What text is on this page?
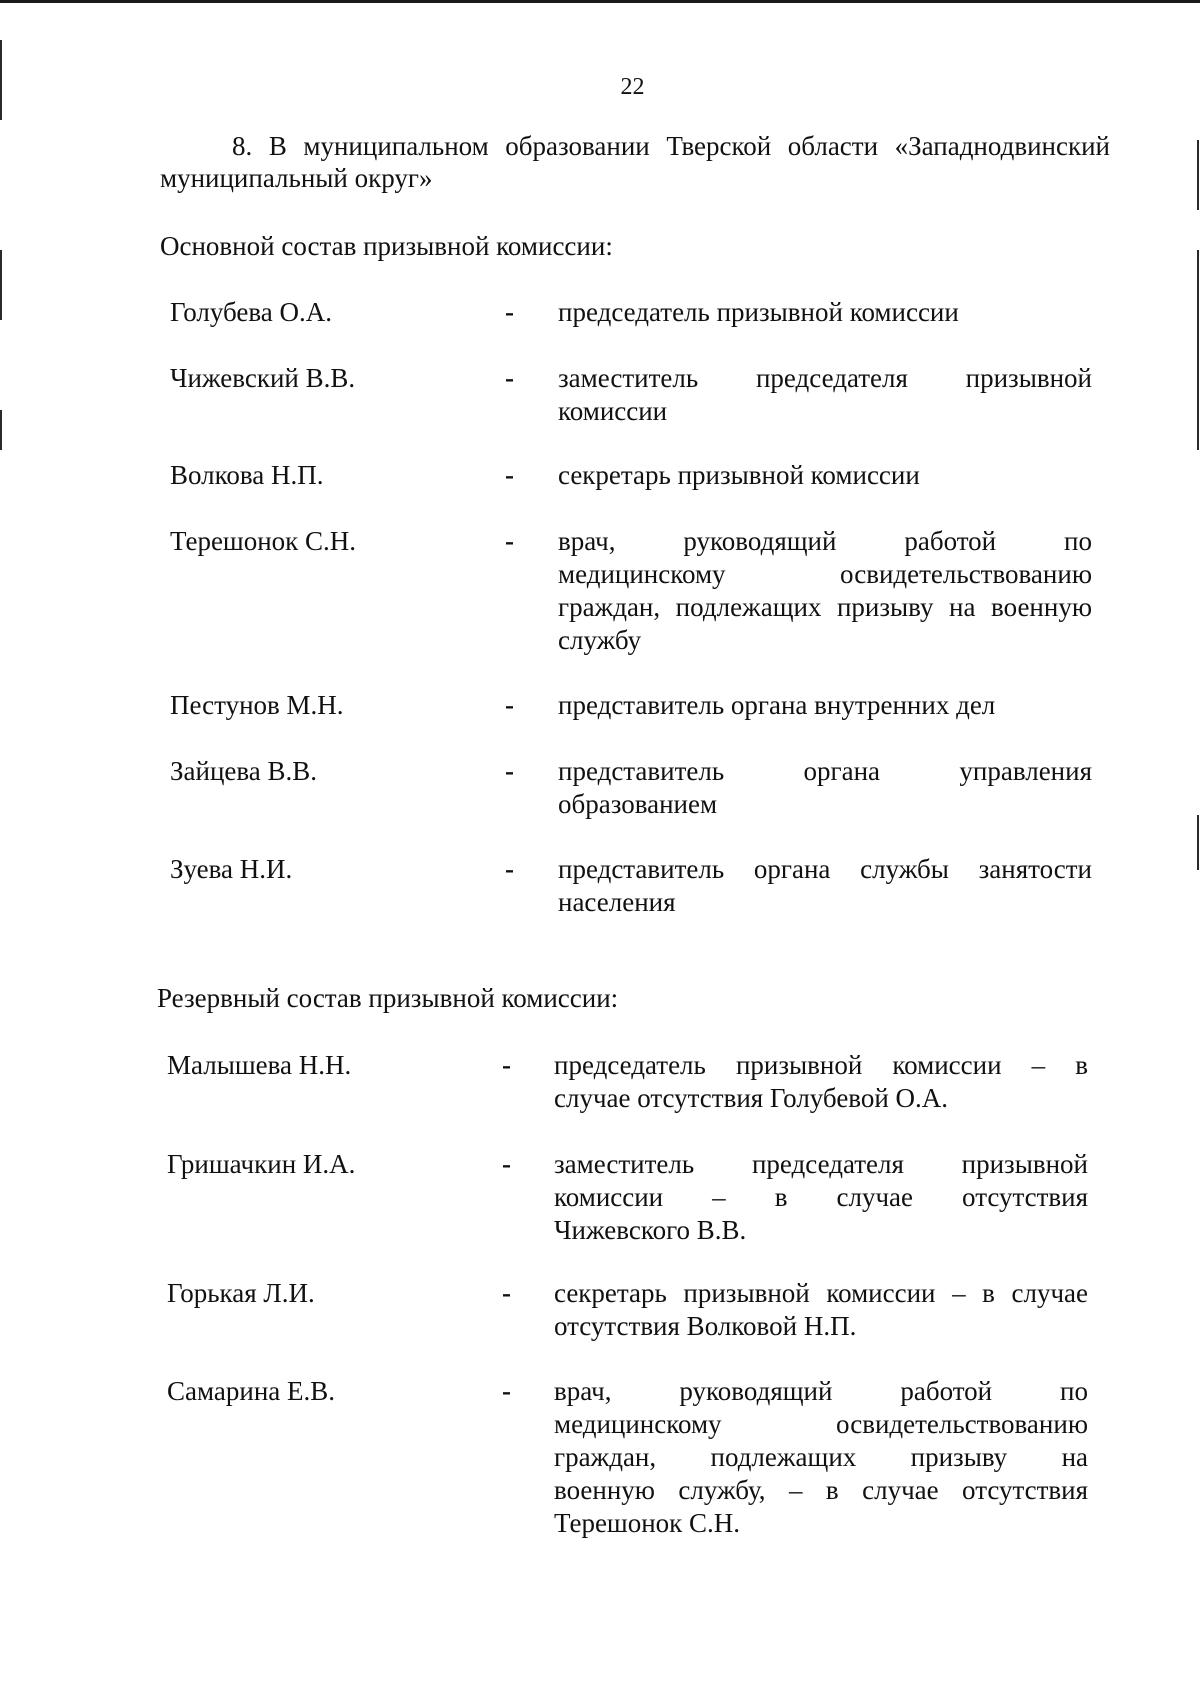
22
8. В муниципальном образовании Тверской области «Западнодвинский муниципальный округ»
Основной состав призывной комиссии:
Голубева О.А.	- председатель призывной комиссии
Чижевский В.В.	- заместитель председателя призывной
комиссии
Волкова Н.П.	- секретарь призывной комиссии
Терешонок С.Н.	- врач, руководящий работой по
медицинскому освидетельствованию
граждан, подлежащих призыву на военную
службу
Пестунов М.Н.	- представитель органа внутренних дел
Зайцева В.В.	- представитель органа управления
образованием
Зуева Н.И.	- представитель органа службы занятости
населения
Резервный состав призывной комиссии:
Малышева Н.Н.	- председатель призывной комиссии – в
случае отсутствия Голубевой О.А.
Гришачкин И.А.	- заместитель председателя призывной
комиссии – в случае отсутствия
Чижевского В.В.
Горькая Л.И.	- секретарь призывной комиссии – в случае
отсутствия Волковой Н.П.
Самарина Е.В.	- врач, руководящий работой по
медицинскому освидетельствованию
граждан, подлежащих призыву на
военную службу, – в случае отсутствия
Терешонок С.Н.
